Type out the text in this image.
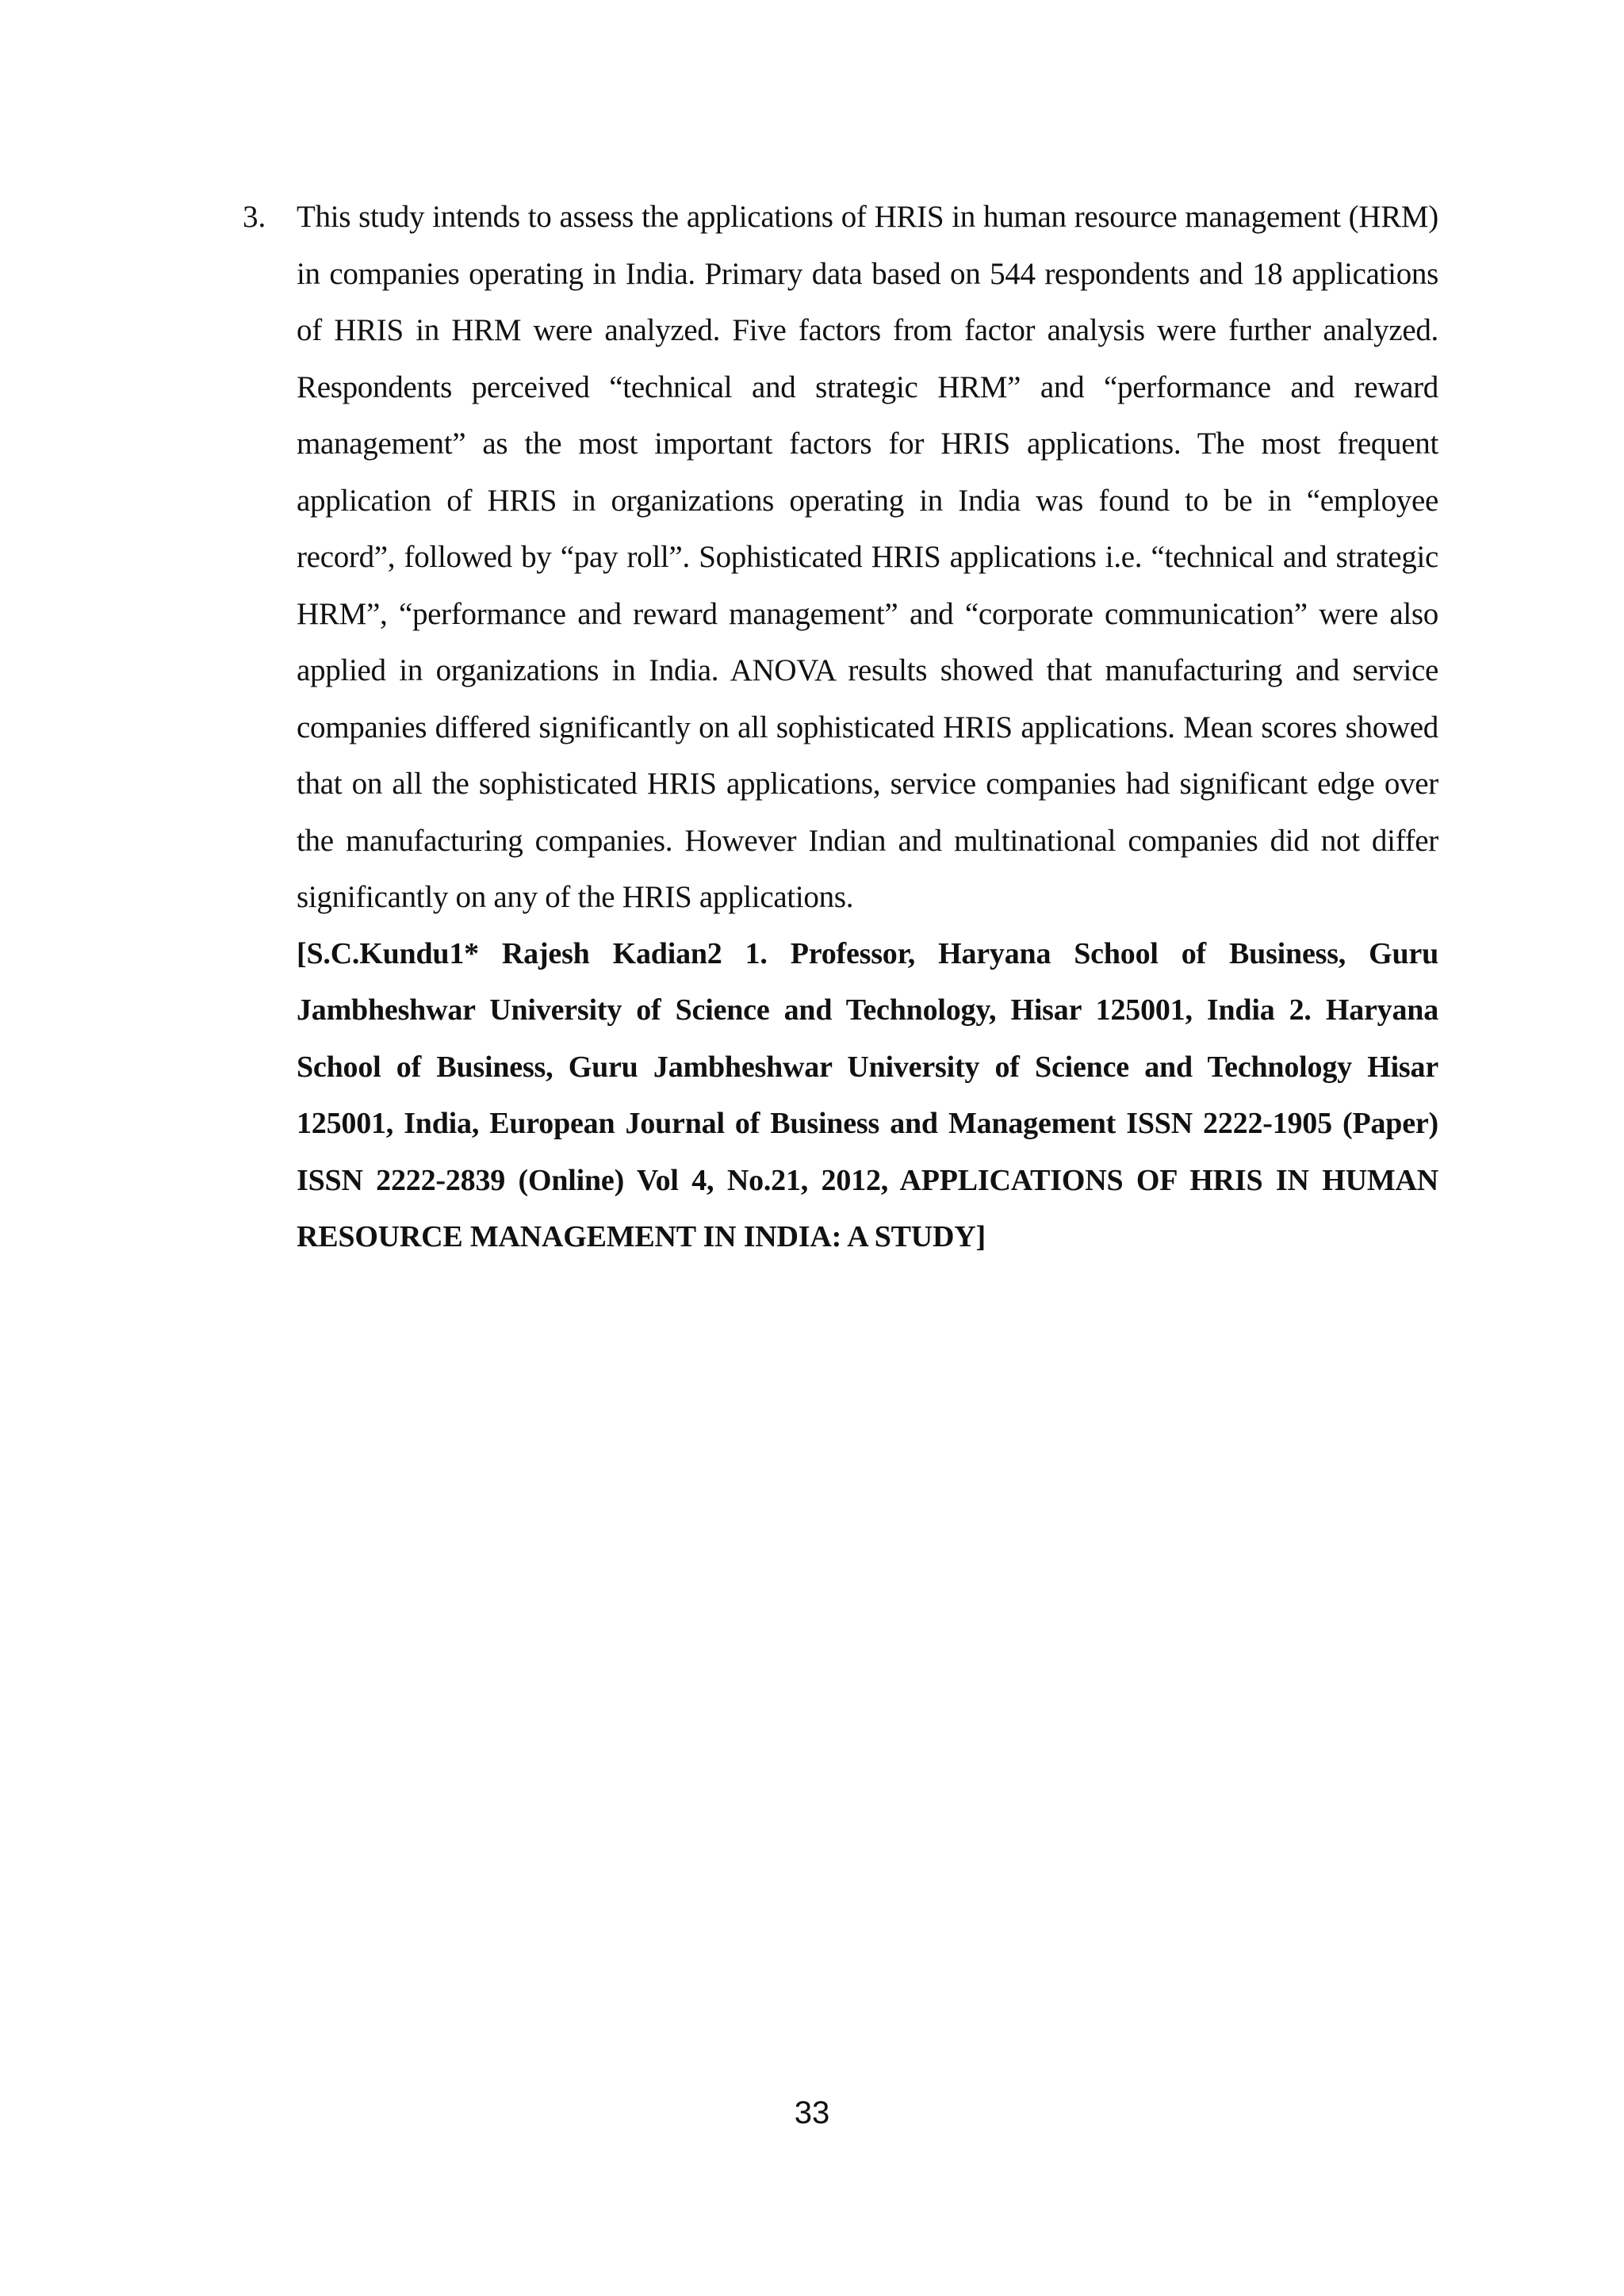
3. This study intends to assess the applications of HRIS in human resource management (HRM) in companies operating in India. Primary data based on 544 respondents and 18 applications of HRIS in HRM were analyzed. Five factors from factor analysis were further analyzed. Respondents perceived “technical and strategic HRM” and “performance and reward management” as the most important factors for HRIS applications. The most frequent application of HRIS in organizations operating in India was found to be in “employee record”, followed by “pay roll”. Sophisticated HRIS applications i.e. “technical and strategic HRM”, “performance and reward management” and “corporate communication” were also applied in organizations in India. ANOVA results showed that manufacturing and service companies differed significantly on all sophisticated HRIS applications. Mean scores showed that on all the sophisticated HRIS applications, service companies had significant edge over the manufacturing companies. However Indian and multinational companies did not differ significantly on any of the HRIS applications.

[S.C.Kundu1* Rajesh Kadian2 1. Professor, Haryana School of Business, Guru Jambheshwar University of Science and Technology, Hisar 125001, India 2. Haryana School of Business, Guru Jambheshwar University of Science and Technology Hisar 125001, India, European Journal of Business and Management ISSN 2222-1905 (Paper) ISSN 2222-2839 (Online) Vol 4, No.21, 2012, APPLICATIONS OF HRIS IN HUMAN RESOURCE MANAGEMENT IN INDIA: A STUDY]

33
